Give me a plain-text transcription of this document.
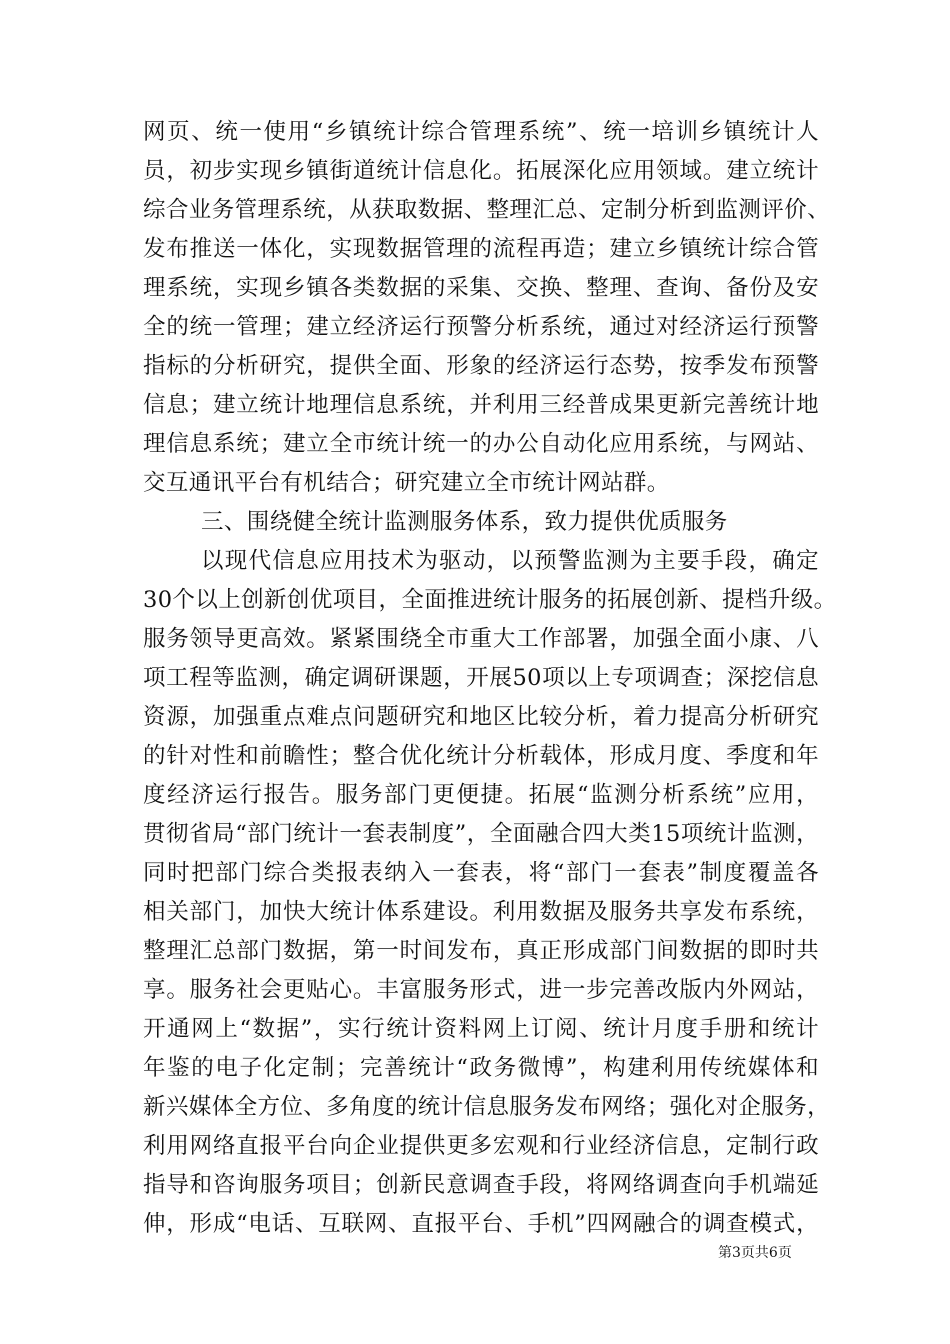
网页、统一使用“乡镇统计综合管理系统”、统一培训乡镇统计人
员，初步实现乡镇街道统计信息化。拓展深化应用领域。建立统计
综合业务管理系统，从获取数据、整理汇总、定制分析到监测评价、
发布推送一体化，实现数据管理的流程再造；建立乡镇统计综合管
理系统，实现乡镇各类数据的采集、交换、整理、查询、备份及安
全的统一管理；建立经济运行预警分析系统，通过对经济运行预警
指标的分析研究，提供全面、形象的经济运行态势，按季发布预警
信息；建立统计地理信息系统，并利用三经普成果更新完善统计地
理信息系统；建立全市统计统一的办公自动化应用系统，与网站、
交互通讯平台有机结合；研究建立全市统计网站群。
三、围绕健全统计监测服务体系，致力提供优质服务
以现代信息应用技术为驱动，以预警监测为主要手段，确定
30个以上创新创优项目，全面推进统计服务的拓展创新、提档升级。
服务领导更高效。紧紧围绕全市重大工作部署，加强全面小康、八
项工程等监测，确定调研课题，开展50项以上专项调查；深挖信息
资源，加强重点难点问题研究和地区比较分析，着力提高分析研究
的针对性和前瞻性；整合优化统计分析载体，形成月度、季度和年
度经济运行报告。服务部门更便捷。拓展“监测分析系统”应用，
贯彻省局“部门统计一套表制度”，全面融合四大类15项统计监测，
同时把部门综合类报表纳入一套表，将“部门一套表”制度覆盖各
相关部门，加快大统计体系建设。利用数据及服务共享发布系统，
整理汇总部门数据，第一时间发布，真正形成部门间数据的即时共
享。服务社会更贴心。丰富服务形式，进一步完善改版内外网站，
开通网上“数据”，实行统计资料网上订阅、统计月度手册和统计
年鉴的电子化定制；完善统计“政务微博”，构建利用传统媒体和
新兴媒体全方位、多角度的统计信息服务发布网络；强化对企服务，
利用网络直报平台向企业提供更多宏观和行业经济信息，定制行政
指导和咨询服务项目；创新民意调查手段，将网络调查向手机端延
伸，形成“电话、互联网、直报平台、手机”四网融合的调查模式，
第3页共6页
